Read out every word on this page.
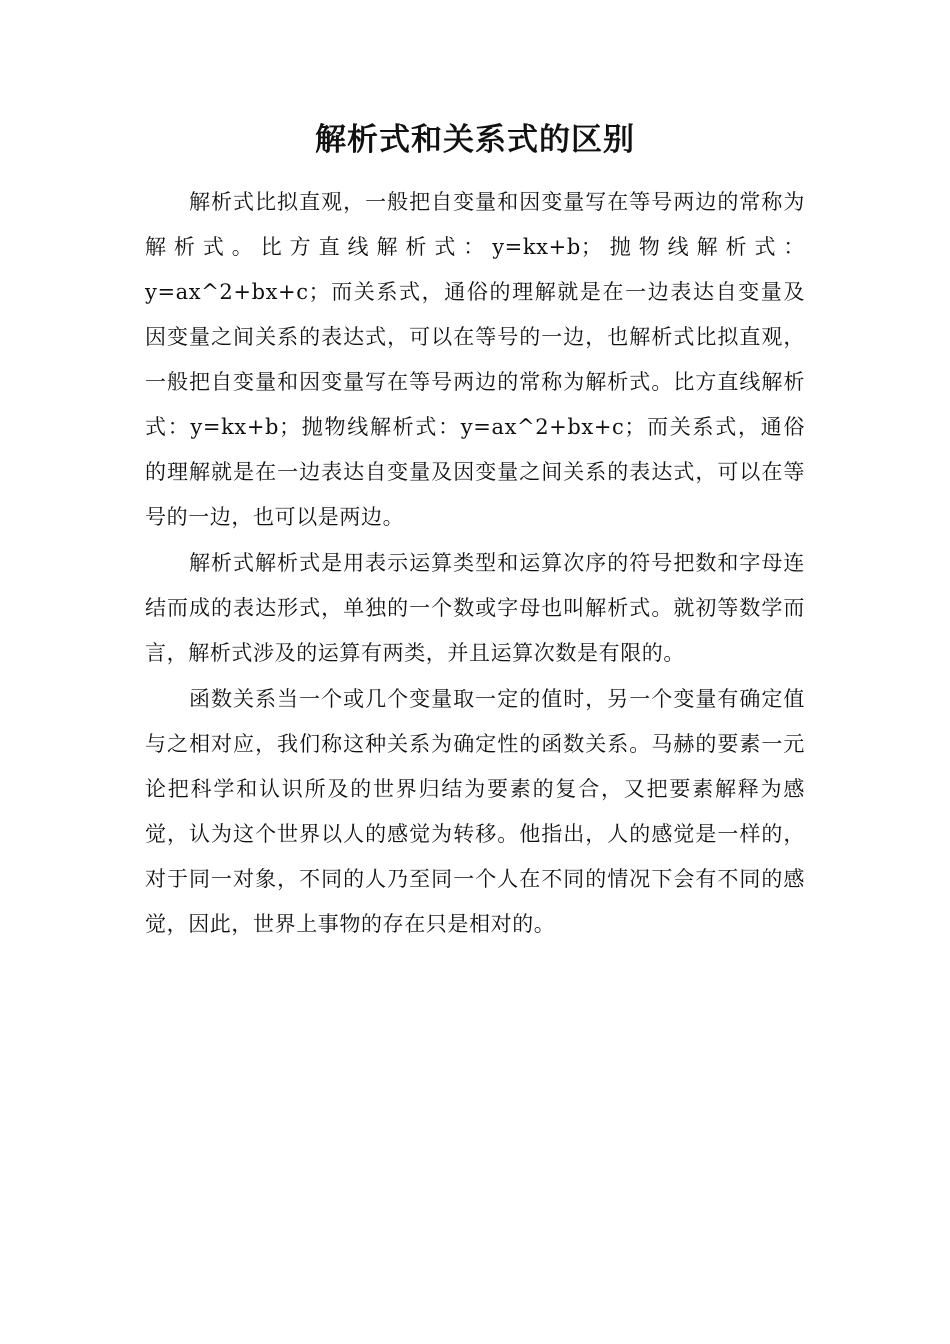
解析式和关系式的区别

解析式比拟直观，一般把自变量和因变量写在等号两边的常称为解析式。比方直线解析式：y=kx+b；抛物线解析式：y=ax^2+bx+c；而关系式，通俗的理解就是在一边表达自变量及因变量之间关系的表达式，可以在等号的一边，也解析式比拟直观，一般把自变量和因变量写在等号两边的常称为解析式。比方直线解析式：y=kx+b；抛物线解析式：y=ax^2+bx+c；而关系式，通俗的理解就是在一边表达自变量及因变量之间关系的表达式，可以在等号的一边，也可以是两边。

解析式解析式是用表示运算类型和运算次序的符号把数和字母连结而成的表达形式，单独的一个数或字母也叫解析式。就初等数学而言，解析式涉及的运算有两类，并且运算次数是有限的。

函数关系当一个或几个变量取一定的值时，另一个变量有确定值与之相对应，我们称这种关系为确定性的函数关系。马赫的要素一元论把科学和认识所及的世界归结为要素的复合，又把要素解释为感觉，认为这个世界以人的感觉为转移。他指出，人的感觉是一样的，对于同一对象，不同的人乃至同一个人在不同的情况下会有不同的感觉，因此，世界上事物的存在只是相对的。
